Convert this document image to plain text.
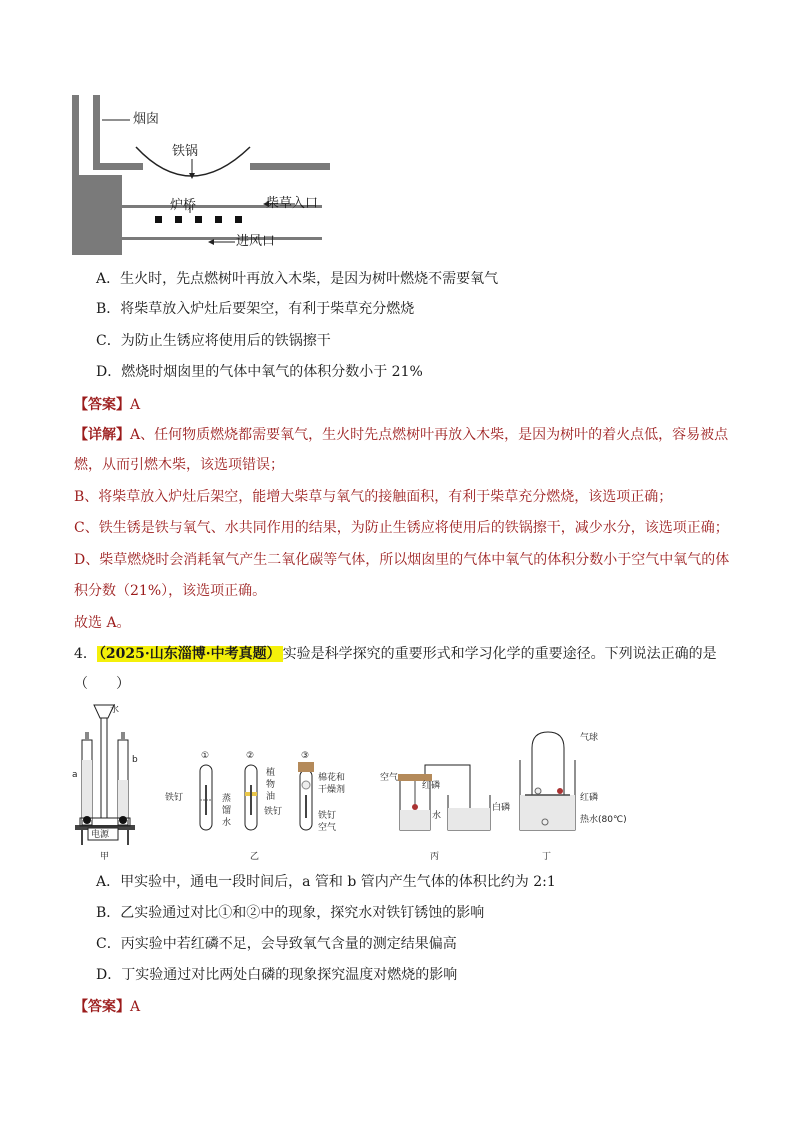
烟囱
铁锅
炉桥	柴草入口
进风口
A．生火时，先点燃树叶再放入木柴，是因为树叶燃烧不需要氧气
B．将柴草放入炉灶后要架空，有利于柴草充分燃烧
C．为防止生锈应将使用后的铁锅擦干
D．燃烧时烟囱里的气体中氧气的体积分数小于 21%
【答案】A
【详解】A、任何物质燃烧都需要氧气，生火时先点燃树叶再放入木柴，是因为树叶的着火点低，容易被点
燃，从而引燃木柴，该选项错误；
B、将柴草放入炉灶后架空，能增大柴草与氧气的接触面积，有利于柴草充分燃烧，该选项正确；
C、铁生锈是铁与氧气、水共同作用的结果，为防止生锈应将使用后的铁锅擦干，减少水分，该选项正确；
D、柴草燃烧时会消耗氧气产生二氧化碳等气体，所以烟囱里的气体中氧气的体积分数小于空气中氧气的体
积分数（21%），该选项正确。
故选 A。
4． （2025·山东淄博·中考真题） 实验是科学探究的重要形式和学习化学的重要途径。下列说法正确的是
（　　）
电源
甲
水
a
b	①	②	③
铁钉	蒸
馏
水
植
物
油
铁钉
棉花和
干燥剂
铁钉
空气
乙
空气
红磷
水
丙
气球
红磷
白磷
热水(80℃)
丁
A．甲实验中，通电一段时间后，a 管和 b 管内产生气体的体积比约为 2:1
B．乙实验通过对比①和②中的现象，探究水对铁钉锈蚀的影响
C．丙实验中若红磷不足，会导致氧气含量的测定结果偏高
D．丁实验通过对比两处白磷的现象探究温度对燃烧的影响
【答案】A
